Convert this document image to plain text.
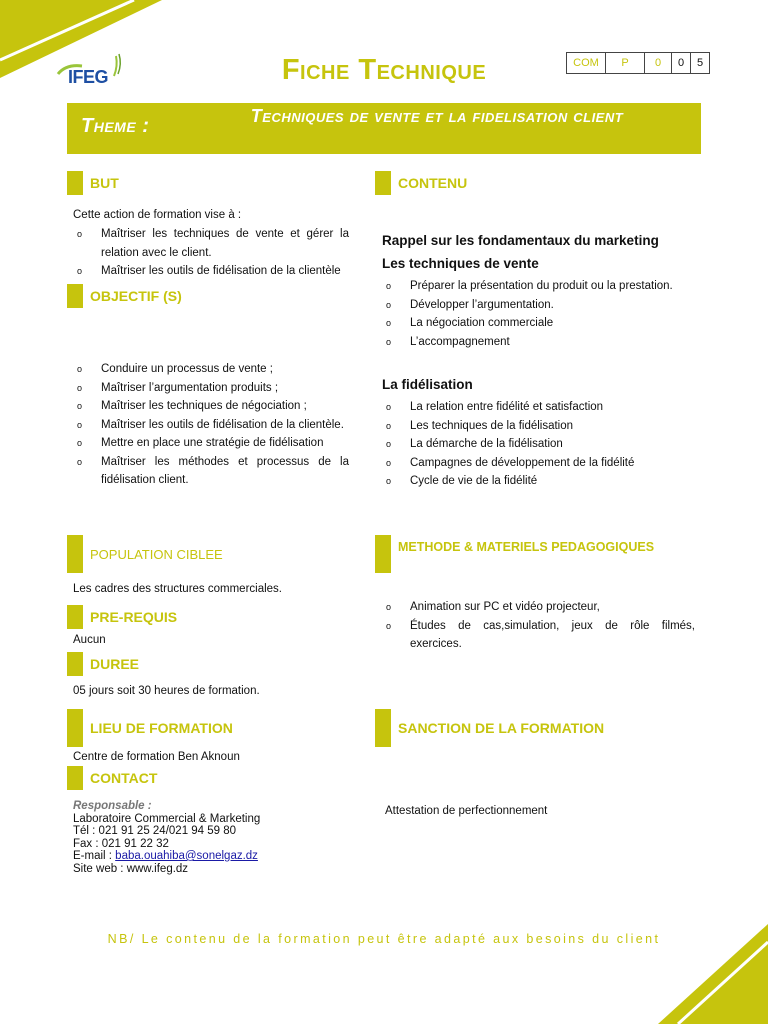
IFEG	Fiche Technique	COM	P	0	0	5
Theme :	Techniques de vente et la fidelisation client
BUT
Cette action de formation vise à :
o Maîtriser les techniques de vente et gérer la relation avec le client.
o Maîtriser les outils de fidélisation de la clientèle
OBJECTIF (S)
o Conduire un processus de vente ;
o Maîtriser l’argumentation produits ;
o Maîtriser les techniques de négociation ;
o Maîtriser les outils de fidélisation de la clientèle.
o Mettre en place une stratégie de fidélisation
o Maîtriser les méthodes et processus de la fidélisation client.
CONTENU
Rappel sur les fondamentaux du marketing
Les techniques de vente
o Préparer la présentation du produit ou la prestation.
o Développer l’argumentation.
o La négociation commerciale
o L’accompagnement
La fidélisation
o La relation entre fidélité et satisfaction
o Les techniques de la fidélisation
o La démarche de la fidélisation
o Campagnes de développement de la fidélité
o Cycle de vie de la fidélité
POPULATION CIBLEE
Les cadres des structures commerciales.
PRE-REQUIS
Aucun
DUREE
05 jours soit 30 heures de formation.
METHODE & MATERIELS PEDAGOGIQUES
o Animation sur PC et vidéo projecteur,
o Études de cas,simulation, jeux de rôle filmés, exercices.
LIEU DE FORMATION
Centre de formation Ben Aknoun
CONTACT
Responsable :
Laboratoire Commercial & Marketing
Tél : 021 91 25 24/021 94 59 80
Fax : 021 91 22 32
E-mail : baba.ouahiba@sonelgaz.dz
Site web : www.ifeg.dz
SANCTION DE LA FORMATION
Attestation de perfectionnement
NB/ Le contenu de la formation peut être adapté aux besoins du client
